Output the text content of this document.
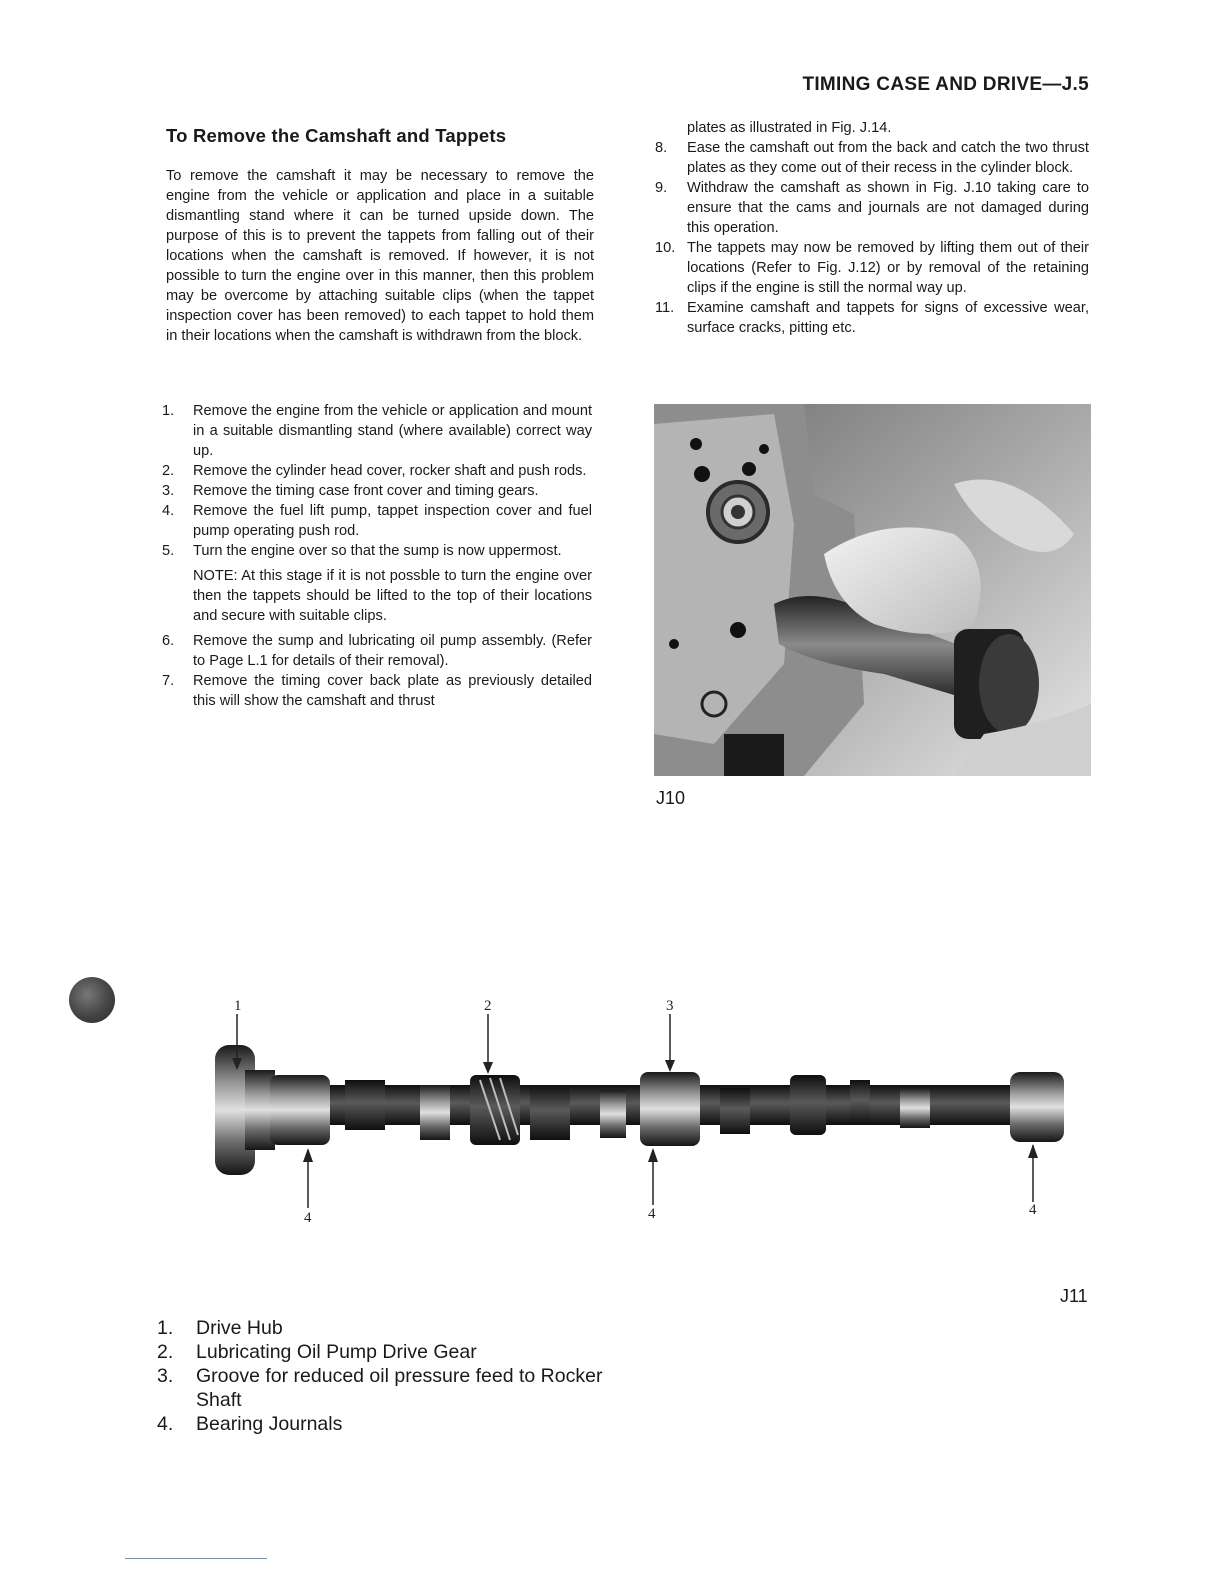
TIMING CASE AND DRIVE—J.5
To Remove the Camshaft and Tappets
To remove the camshaft it may be necessary to remove the engine from the vehicle or application and place in a suitable dismantling stand where it can be turned upside down. The purpose of this is to prevent the tappets from falling out of their locations when the camshaft is removed. If however, it is not possible to turn the engine over in this manner, then this problem may be overcome by attaching suitable clips (when the tappet inspection cover has been removed) to each tappet to hold them in their locations when the camshaft is withdrawn from the block.
1.	Remove the engine from the vehicle or application and mount in a suitable dismantling stand (where available) correct way up.
2.	Remove the cylinder head cover, rocker shaft and push rods.
3.	Remove the timing case front cover and timing gears.
4.	Remove the fuel lift pump, tappet inspection cover and fuel pump operating push rod.
5.	Turn the engine over so that the sump is now uppermost.
NOTE: At this stage if it is not possble to turn the engine over then the tappets should be lifted to the top of their locations and secure with suitable clips.
6.	Remove the sump and lubricating oil pump assembly. (Refer to Page L.1 for details of their removal).
7.	Remove the timing cover back plate as previously detailed this will show the camshaft and thrust
plates as illustrated in Fig. J.14.
8.	Ease the camshaft out from the back and catch the two thrust plates as they come out of their recess in the cylinder block.
9.	Withdraw the camshaft as shown in Fig. J.10 taking care to ensure that the cams and journals are not damaged during this operation.
10. The tappets may now be removed by lifting them out of their locations (Refer to Fig. J.12) or by removal of the retaining clips if the engine is still the normal way up.
11. Examine camshaft and tappets for signs of excessive wear, surface cracks, pitting etc.
J10
1	2	3
4	4	4
J11
1. Drive Hub
2. Lubricating Oil Pump Drive Gear
3. Groove for reduced oil pressure feed to Rocker Shaft
4. Bearing Journals
